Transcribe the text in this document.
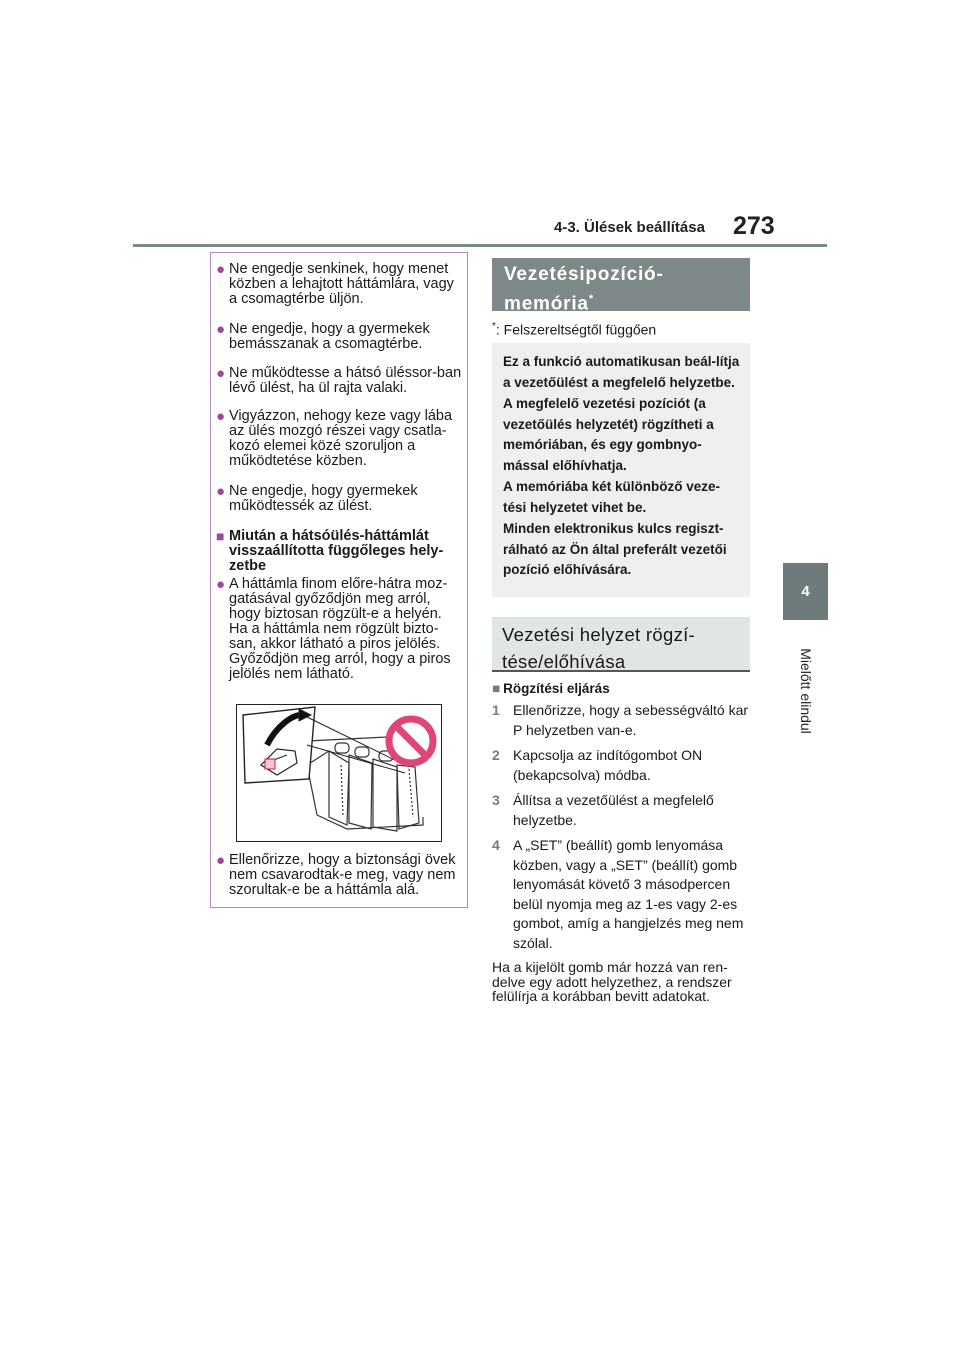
4-3. Ülések beállítása 273
4
Mielőtt elindul
● Ne engedje senkinek, hogy menet közben a lehajtott háttámlára, vagy a csomagtérbe üljön.
● Ne engedje, hogy a gyermekek bemásszanak a csomagtérbe.
● Ne működtesse a hátsó üléssor-ban lévő ülést, ha ül rajta valaki.
● Vigyázzon, nehogy keze vagy lába az ülés mozgó részei vagy csatla-kozó elemei közé szoruljon a működtetése közben.
● Ne engedje, hogy gyermekek működtessék az ülést.
■ Miután a hátsóülés-háttámlát visszaállította függőleges hely-zetbe
● A háttámla finom előre-hátra moz-gatásával győződjön meg arról, hogy biztosan rögzült-e a helyén. Ha a háttámla nem rögzült bizto-san, akkor látható a piros jelölés. Győződjön meg arról, hogy a piros jelölés nem látható.
● Ellenőrizze, hogy a biztonsági övek nem csavarodtak-e meg, vagy nem szorultak-e be a háttámla alá.
Vezetésipozíció-
memória*
*: Felszereltségtől függően

Ez a funkció automatikusan beál-lítja a vezetőülést a megfelelő helyzetbe.

A megfelelő vezetési pozíciót (a vezetőülés helyzetét) rögzítheti a memóriában, és egy gombnyo-mással előhívhatja.

A memóriába két különböző veze-tési helyzetet vihet be.

Minden elektronikus kulcs regiszt-rálható az Ön által preferált vezetői pozíció előhívására.

Vezetési helyzet rögzí-
tése/előhívása
■ Rögzítési eljárás
1 Ellenőrizze, hogy a sebességváltó kar P helyzetben van-e.
2 Kapcsolja az indítógombot ON (bekapcsolva) módba.
3 Állítsa a vezetőülést a megfelelő helyzetbe.
4 A „SET” (beállít) gomb lenyomása közben, vagy a „SET” (beállít) gomb lenyomását követő 3 másodpercen belül nyomja meg az 1-es vagy 2-es gombot, amíg a hangjelzés meg nem szólal.
Ha a kijelölt gomb már hozzá van ren-delve egy adott helyzethez, a rendszer felülírja a korábban bevitt adatokat.
